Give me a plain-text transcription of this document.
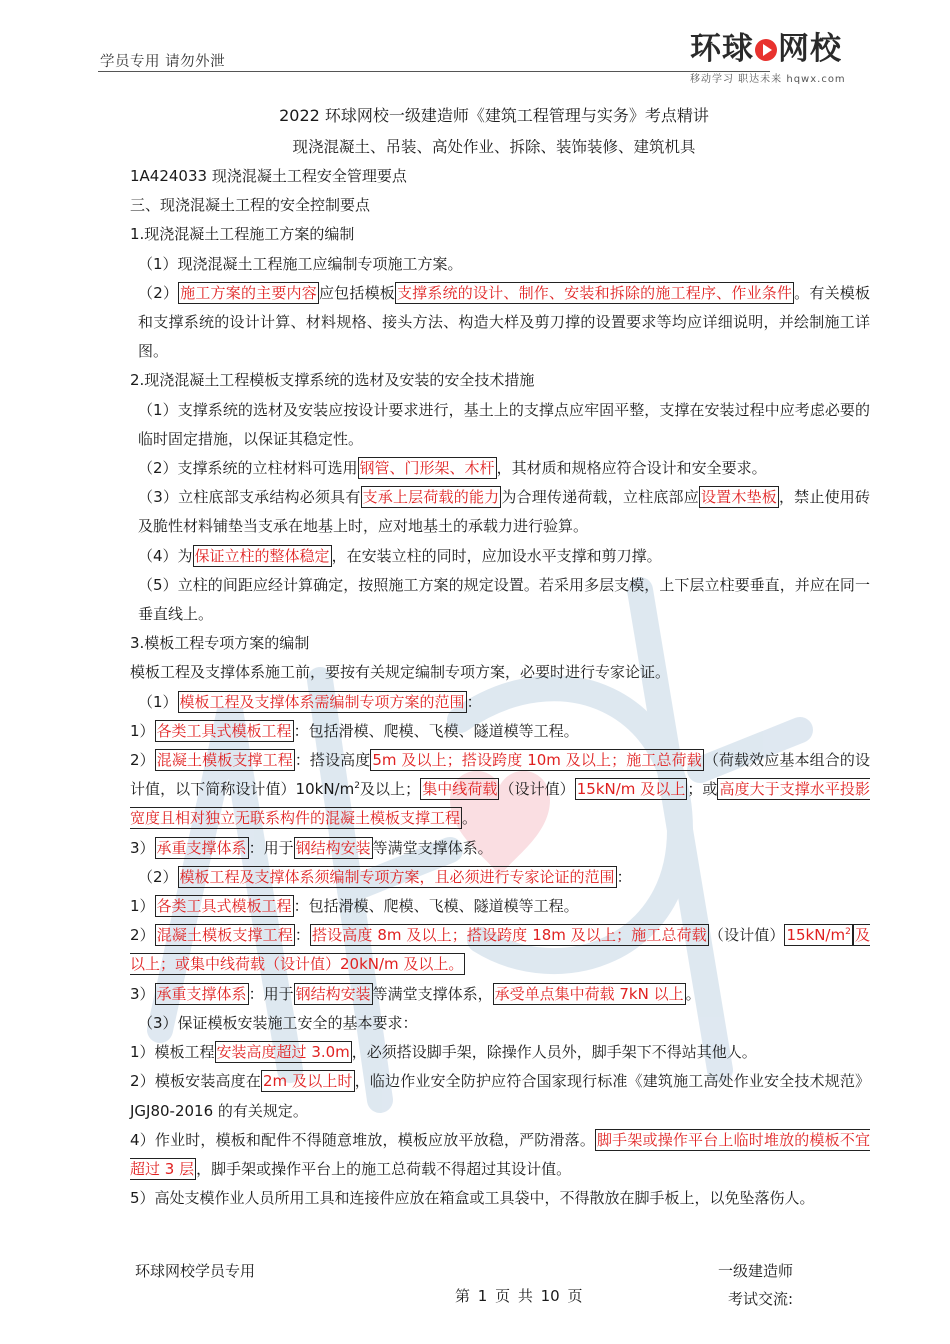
学员专用 请勿外泄	环球 网校
移动学习 职达未来 hqwx.com
2022 环球网校一级建造师《建筑工程管理与实务》考点精讲
现浇混凝土、吊装、高处作业、拆除、装饰装修、建筑机具

1A424033 现浇混凝土工程安全管理要点

三、现浇混凝土工程的安全控制要点

1.现浇混凝土工程施工方案的编制

（1）现浇混凝土工程施工应编制专项施工方案。

（2） 施工方案的主要内容 应包括模板 支撑系统的设计、制作、安装和拆除的施工程序、作业条件 。有关模板和支撑系统的设计计算、材料规格、接头方法、构造大样及剪刀撑的设置要求等均应详细说明，并绘制施工详图。

2.现浇混凝土工程模板支撑系统的选材及安装的安全技术措施

（1）支撑系统的选材及安装应按设计要求进行，基土上的支撑点应牢固平整，支撑在安装过程中应考虑必要的临时固定措施，以保证其稳定性。

（2）支撑系统的立柱材料可选用 钢管、门形架、木杆 ，其材质和规格应符合设计和安全要求。

（3）立柱底部支承结构必须具有 支承上层荷载的能力 为合理传递荷载，立柱底部应 设置木垫板 ，禁止使用砖及脆性材料铺垫当支承在地基上时，应对地基土的承载力进行验算。

（4）为 保证立柱的整体稳定 ，在安装立柱的同时，应加设水平支撑和剪刀撑。

（5）立柱的间距应经计算确定，按照施工方案的规定设置。若采用多层支模，上下层立柱要垂直，并应在同一垂直线上。

3.模板工程专项方案的编制

模板工程及支撑体系施工前，要按有关规定编制专项方案，必要时进行专家论证。

（1） 模板工程及支撑体系需编制专项方案的范围 ：

1） 各类工具式模板工程 ：包括滑模、爬模、飞模、隧道模等工程。

2） 混凝土模板支撑工程 ：搭设高度 5m 及以上；搭设跨度 10m 及以上；施工总荷载 （荷载效应基本组合的设计值，以下简称设计值）$10kN/m^2$及以上； 集中线荷载 （设计值） 15kN/m 及以上 ；或 高度大于支撑水平投影宽度且相对独立无联系构件的混凝土模板支撑工程 。

3） 承重支撑体系 ：用于 钢结构安装 等满堂支撑体系。

（2） 模板工程及支撑体系须编制专项方案，且必须进行专家论证的范围 ：

1） 各类工具式模板工程 ：包括滑模、爬模、飞模、隧道模等工程。

2） 混凝土模板支撑工程 ： 搭设高度 8m 及以上；搭设跨度 18m 及以上；施工总荷载 （设计值） $15kN/m^2$ 及以上；或集中线荷载（设计值）20kN/m 及以上。

3） 承重支撑体系 ：用于 钢结构安装 等满堂支撑体系， 承受单点集中荷载 7kN 以上 。

（3）保证模板安装施工安全的基本要求：

1）模板工程 安装高度超过 3.0m ，必须搭设脚手架，除操作人员外，脚手架下不得站其他人。

2）模板安装高度在 2m 及以上时 ，临边作业安全防护应符合国家现行标准《建筑施工高处作业安全技术规范》JGJ80-2016 的有关规定。

4）作业时，模板和配件不得随意堆放，模板应放平放稳，严防滑落。 脚手架或操作平台上临时堆放的模板不宜超过 3 层 ，脚手架或操作平台上的施工总荷载不得超过其设计值。

5）高处支模作业人员所用工具和连接件应放在箱盒或工具袋中，不得散放在脚手板上，以免坠落伤人。

环球网校学员专用
第 1 页 共 10 页
一级建造师
考试交流:
